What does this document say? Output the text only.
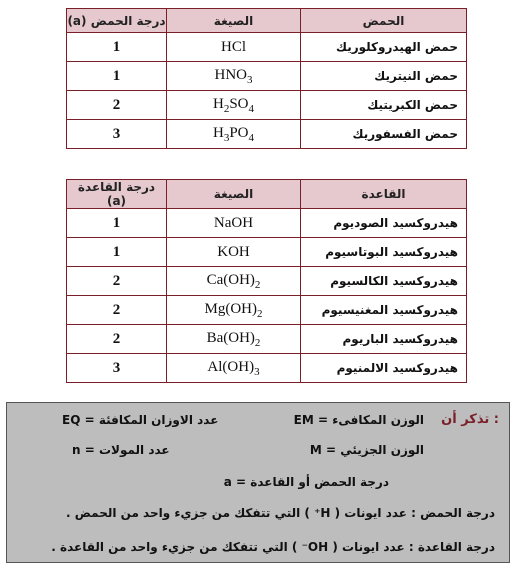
الحمض	الصيغة	درجة الحمض (a)
حمض الهيدروكلوريك	HCl	1
حمض النيتريك	$HNO_3$	1
حمض الكبريتيك	$H_2SO_4$	2
حمض الفسفوريك	$H_3PO_4$	3
القاعدة	الصيغة	درجة القاعدة (a)
هيدروكسيد الصوديوم	NaOH	1
هيدروكسيد البوتاسيوم	KOH	1
هيدروكسيد الكالسيوم	$Ca(OH)_2$	2
هيدروكسيد المغنيسيوم	$Mg(OH)_2$	2
هيدروكسيد الباريوم	$Ba(OH)_2$	2
هيدروكسيد الالمنيوم	$Al(OH)_3$	3
تذكر أن :
EM = الوزن المكافىء
EQ = عدد الاوزان المكافئة
M = الوزن الجزيئي
n = عدد المولات
a = درجة الحمض أو القاعدة
درجة الحمض : عدد ايونات ( H⁺ ) التي تتفكك من جزيء واحد من الحمض .
درجة القاعدة : عدد ايونات ( OH⁻ ) التي تتفكك من جزيء واحد من القاعدة .
